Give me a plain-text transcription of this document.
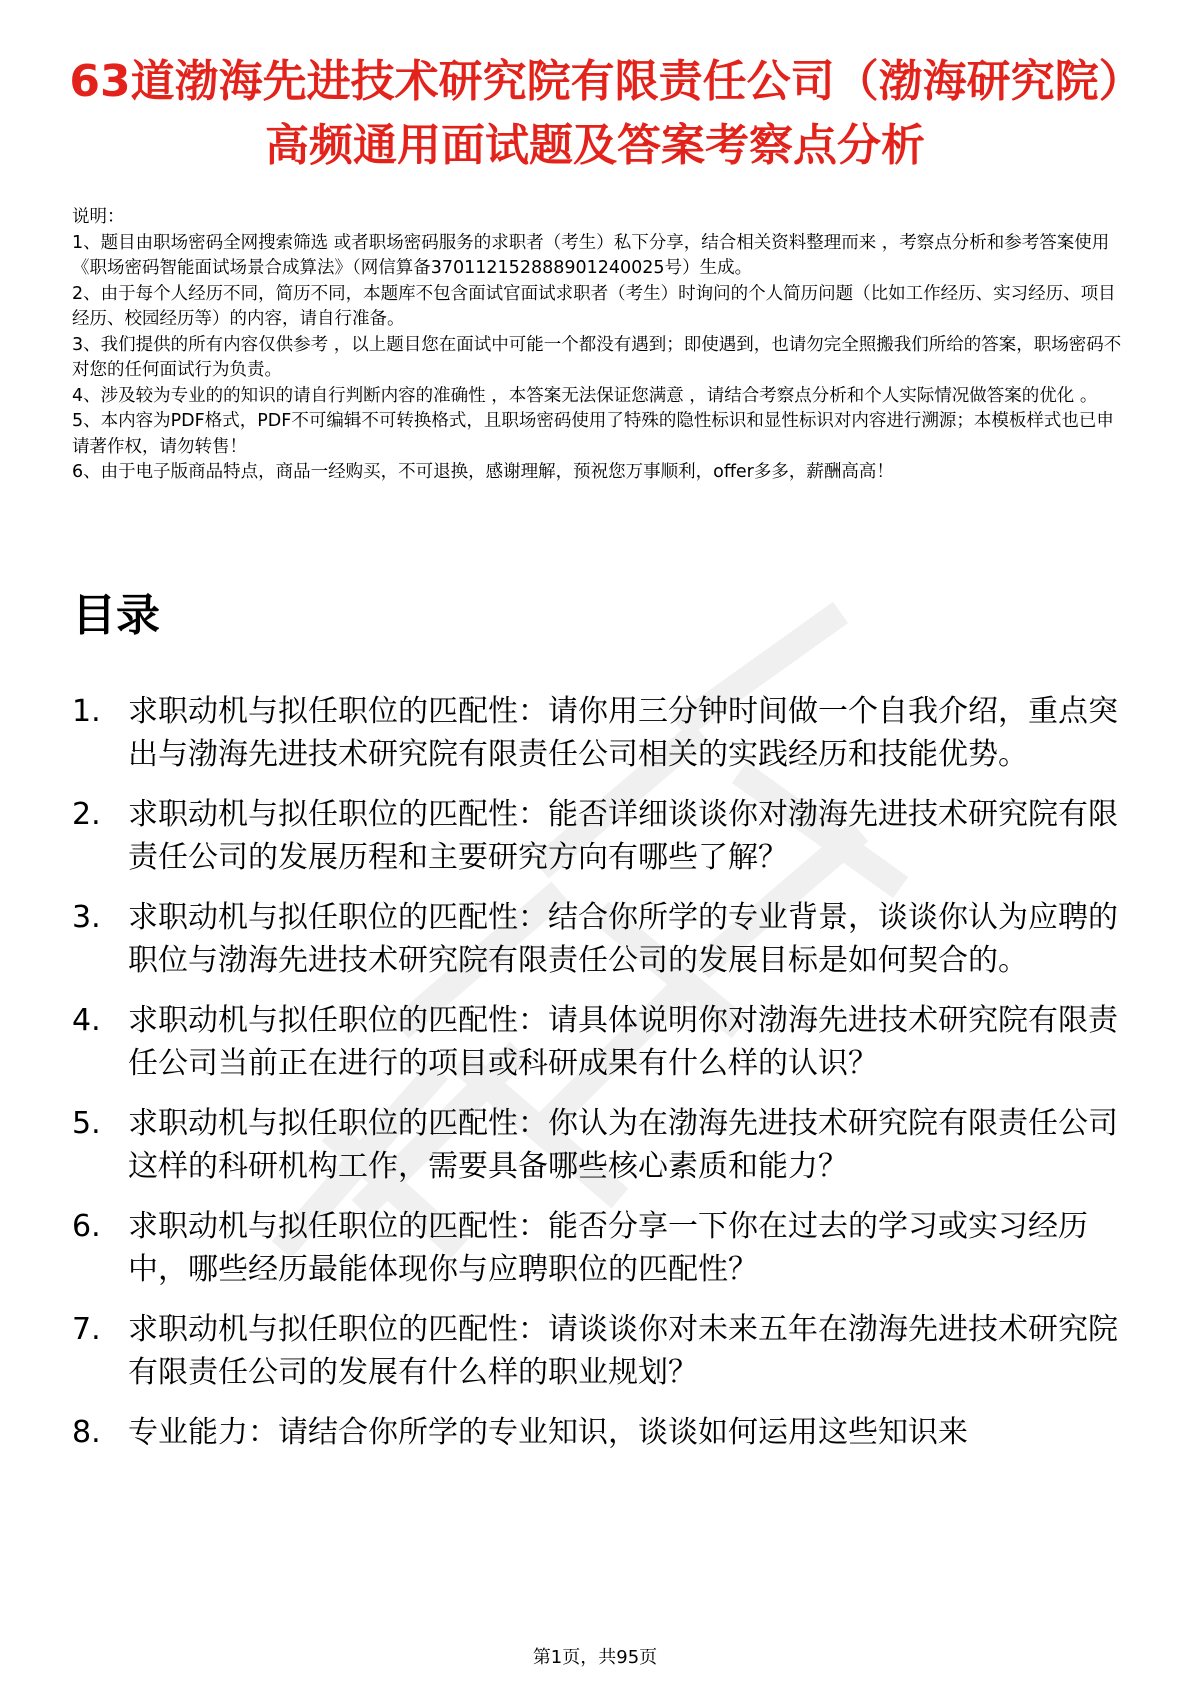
63道渤海先进技术研究院有限责任公司（渤海研究院）高频通用面试题及答案考察点分析
说明：
1、题目由职场密码全网搜索筛选 或者职场密码服务的求职者（考生）私下分享，结合相关资料整理而来 ，考察点分析和参考答案使用《职场密码智能面试场景合成算法》（网信算备370112152888901240025号）生成。
2、由于每个人经历不同，简历不同，本题库不包含面试官面试求职者（考生）时询问的个人简历问题（比如工作经历、实习经历、项目经历、校园经历等）的内容，请自行准备。
3、我们提供的所有内容仅供参考 ，以上题目您在面试中可能一个都没有遇到；即使遇到，也请勿完全照搬我们所给的答案，职场密码不对您的任何面试行为负责。
4、涉及较为专业的的知识的请自行判断内容的准确性 ，本答案无法保证您满意 ，请结合考察点分析和个人实际情况做答案的优化 。
5、本内容为PDF格式，PDF不可编辑不可转换格式，且职场密码使用了特殊的隐性标识和显性标识对内容进行溯源；本模板样式也已申请著作权，请勿转售！
6、由于电子版商品特点，商品一经购买，不可退换，感谢理解，预祝您万事顺利，offer多多，薪酬高高！
目录
1. 求职动机与拟任职位的匹配性：请你用三分钟时间做一个自我介绍，重点突出与渤海先进技术研究院有限责任公司相关的实践经历和技能优势。
2. 求职动机与拟任职位的匹配性：能否详细谈谈你对渤海先进技术研究院有限责任公司的发展历程和主要研究方向有哪些了解？
3. 求职动机与拟任职位的匹配性：结合你所学的专业背景，谈谈你认为应聘的职位与渤海先进技术研究院有限责任公司的发展目标是如何契合的。
4. 求职动机与拟任职位的匹配性：请具体说明你对渤海先进技术研究院有限责任公司当前正在进行的项目或科研成果有什么样的认识？
5. 求职动机与拟任职位的匹配性：你认为在渤海先进技术研究院有限责任公司这样的科研机构工作，需要具备哪些核心素质和能力？
6. 求职动机与拟任职位的匹配性：能否分享一下你在过去的学习或实习经历中，哪些经历最能体现你与应聘职位的匹配性？
7. 求职动机与拟任职位的匹配性：请谈谈你对未来五年在渤海先进技术研究院有限责任公司的发展有什么样的职业规划？
8. 专业能力：请结合你所学的专业知识，谈谈如何运用这些知识来
第1页，共95页
